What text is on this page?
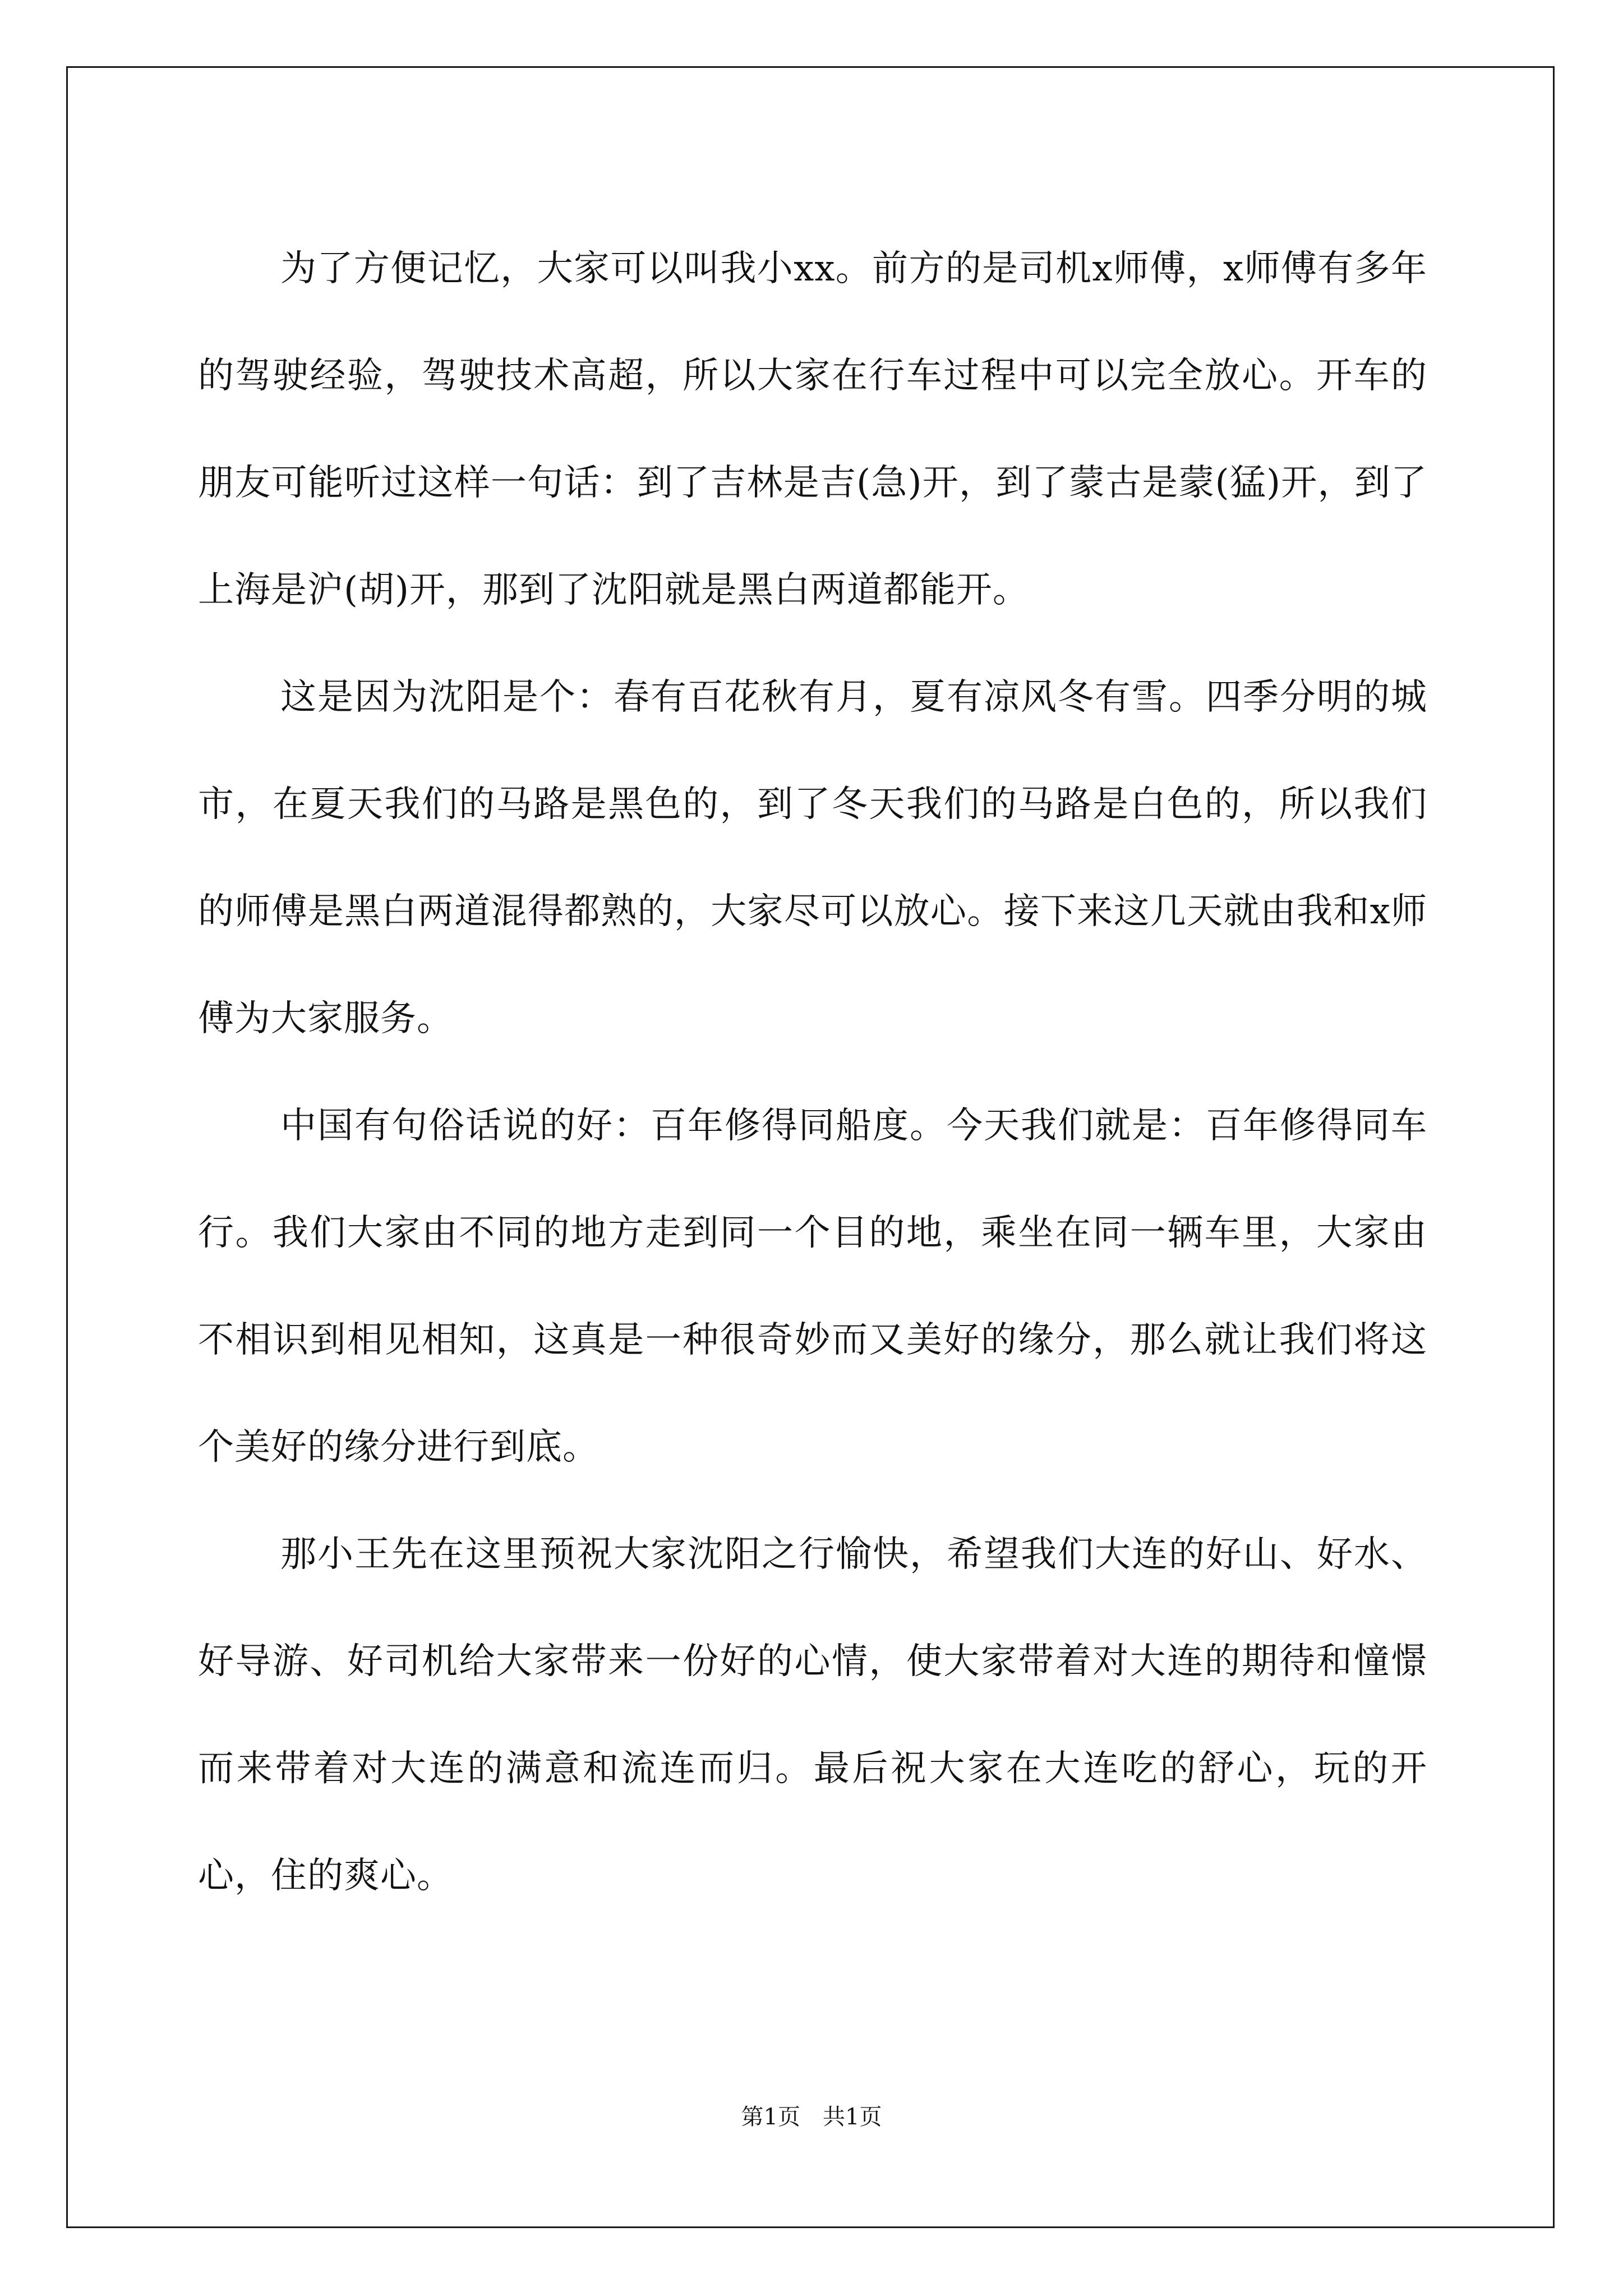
为了方便记忆，大家可以叫我小xx。前方的是司机x师傅，x师傅有多年的驾驶经验，驾驶技术高超，所以大家在行车过程中可以完全放心。开车的朋友可能听过这样一句话：到了吉林是吉(急)开，到了蒙古是蒙(猛)开，到了上海是沪(胡)开，那到了沈阳就是黑白两道都能开。

这是因为沈阳是个：春有百花秋有月，夏有凉风冬有雪。四季分明的城市，在夏天我们的马路是黑色的，到了冬天我们的马路是白色的，所以我们的师傅是黑白两道混得都熟的，大家尽可以放心。接下来这几天就由我和x师傅为大家服务。

中国有句俗话说的好：百年修得同船度。今天我们就是：百年修得同车行。我们大家由不同的地方走到同一个目的地，乘坐在同一辆车里，大家由不相识到相见相知，这真是一种很奇妙而又美好的缘分，那么就让我们将这个美好的缘分进行到底。

那小王先在这里预祝大家沈阳之行愉快，希望我们大连的好山、好水、好导游、好司机给大家带来一份好的心情，使大家带着对大连的期待和憧憬而来带着对大连的满意和流连而归。最后祝大家在大连吃的舒心，玩的开心，住的爽心。

第1页　共1页
